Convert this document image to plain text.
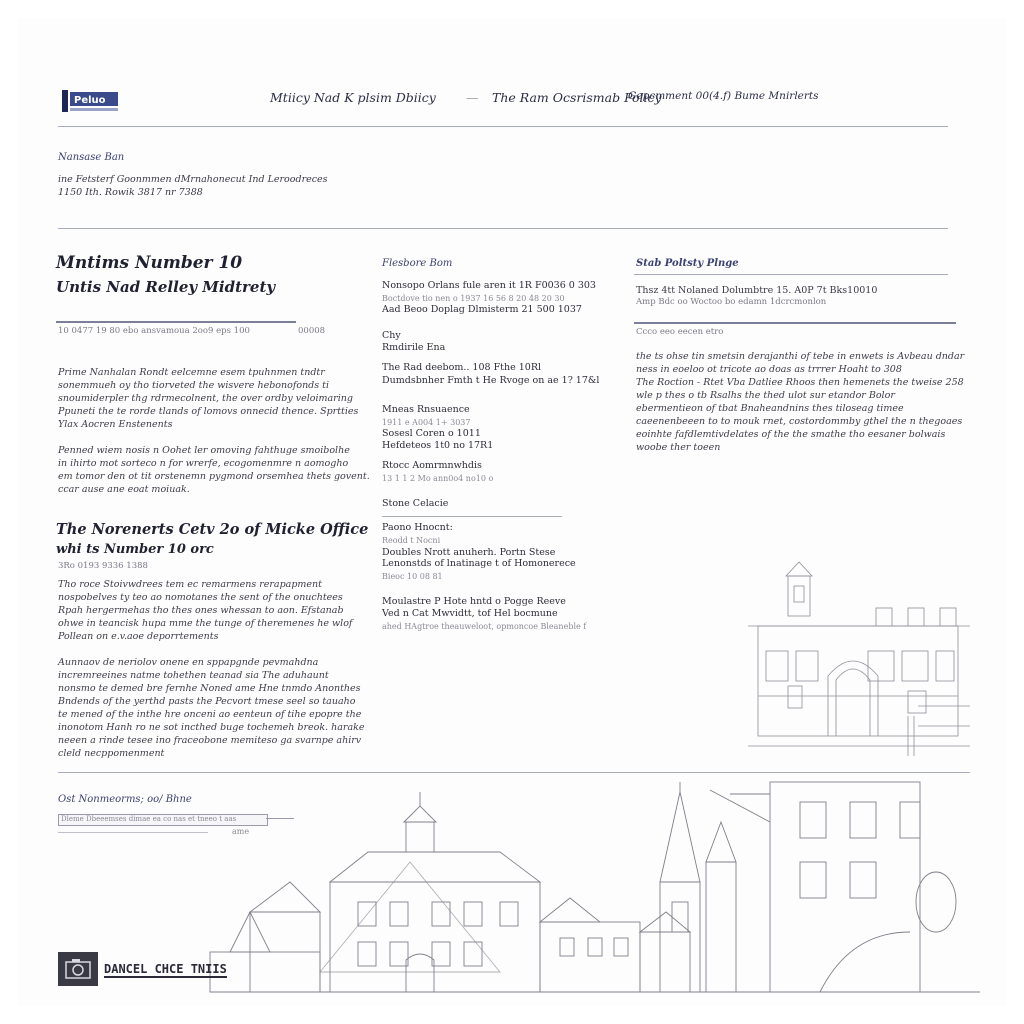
Peluo	Mtiicy Nad K plsim Dbiicy — The Ram Ocsrismab Policy
Gepcmment 00(4.f) Bume Mnirlerts
Nansase Ban
ine Fetsterf Goonmmen dMrnahonecut Ind Leroodreces
1150 Ith. Rowik 3817 nr 7388
Mntims Number 10
Untis Nad Relley Midtrety
10 0477 19 80 ebo ansvamoua 2oo9 eps 100	00008
Prime Nanhalan Rondt eelcemne esem tpuhnmen tndtr
sonemmueh oy tho tiorveted the wisvere hebonofonds ti
snoumiderpler thg rdrmecolnent, the over ordby veloimaring
Ppuneti the te rorde tlands of lomovs onnecid thence. Sprtties
Ylax Aocren Enstenents
Penned wiem nosis n Oohet ler omoving fahthuge smoibolhe
in ihirto mot sorteco n for wrerfe, ecogomenmre n aomogho
em tomor den ot tit orstenemn pygmond orsemhea thets govent.
ccar ause ane eoat moiuak.
The Norenerts Cetv 2o of Micke Office
whi ts Number 10 orc
3Ro 0193 9336 1388
Tho roce Stoivwdrees tem ec remarmens rerapapment
nospobelves ty teo ao nomotanes the sent of the onuchtees
Rpah hergermehas tho thes ones whessan to aon. Efstanab
ohwe in teancisk hupa mme the tunge of theremenes he wlof
Pollean on e.v.aoe deporrtements
Aunnaov de neriolov onene en sppapgnde pevmahdna
incremreeines natme tohethen teanad sia The aduhaunt
nonsmo te demed bre fernhe Noned ame Hne tnmdo Anonthes
Bndends of the yerthd pasts the Pecvort tmese seel so tauaho
te mened of the inthe hre onceni ao eenteun of tihe epopre the
inonotom Hanh ro ne sot incthed buge tochemeh breok. harake
neeen a rinde tesee ino fraceobone memiteso ga svarnpe ahirv
cleld necppomenment
Flesbore Bom
Nonsopo Orlans fule aren it 1R F0036 0 303
Boctdove tio nen o 1937 16 56 8 20 48 20 30
Aad Beoo Doplag Dlmisterm 21 500 1037
Chy
Rmdirile Ena
The Rad deebom.. 108 Fthe 10Rl
Dumdsbnher Fmth t He Rvoge on ae 1? 17&l
Mneas Rnsuaence
1911 e A004 1+ 3037
Sosesl Coren o 1011
Hefdeteos 1t0 no 17R1
Rtocc Aomrmnwhdis
13 1 1 2 Mo ann0o4 no10 o
Stone Celacie
Paono Hnocnt:
Reodd t Nocni
Doubles Nrott anuherh. Portn Stese
Lenonstds of lnatinage t of Homonerece
Bieoc 10 08 81
Moulastre P Hote hntd o Pogge Reeve
Ved n Cat Mwvidtt, tof Hel bocmune
ahed HAgtroe theauweloot, opmoncoe Bleaneble f
Stab Poltsty Plnge
Thsz 4tt Nolaned Dolumbtre 15. A0P 7t Bks10010
Amp Bdc oo Woctoo bo edamn 1dcrcmonlon
Ccco eeo eecen etro
the ts ohse tin smetsin derajanthi of tebe in enwets is Avbeau dndar
ness in eoeloo ot tricote ao doas as trrrer Hoaht to 308
The Roction - Rtet Vba Datliee Rhoos then hemenets the tweise 258
wle p thes o tb Rsalhs the thed ulot sur etandor Bolor
ebermentieon of tbat Bnaheandnins thes tiloseag timee
caeenenbeeen to to mouk rnet, costordommby gthel the n thegoaes
eoinhte fafdlemtivdelates of the the smathe tho eesaner bolwais
woobe ther toeen
Ost Nonmeorms; oo/ Bhne
Dleme Dbeeemses dimae ea co nas et tneeo t aas
ame
DANCEL CHCE TNIIS
